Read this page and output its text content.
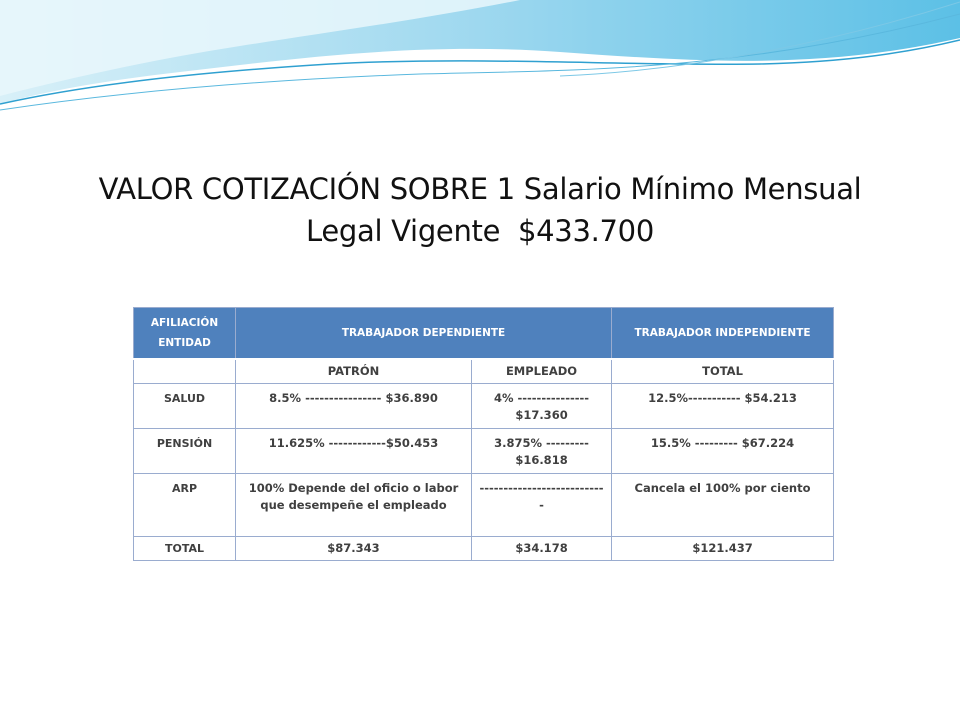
VALOR COTIZACIÓN SOBRE 1 Salario Mínimo Mensual
Legal Vigente  $433.700
AFILIACIÓN ENTIDAD	TRABAJADOR DEPENDIENTE		TRABAJADOR INDEPENDIENTE
	PATRÓN	EMPLEADO	TOTAL
SALUD	8.5% ---------------- $36.890	4% --------------- $17.360	12.5%----------- $54.213
PENSIÓN	11.625% ------------$50.453	3.875% --------- $16.818	15.5% --------- $67.224
ARP	100% Depende del oficio o labor que desempeñe el empleado	-------------------------- -	Cancela el 100% por ciento
TOTAL	$87.343	$34.178	$121.437
